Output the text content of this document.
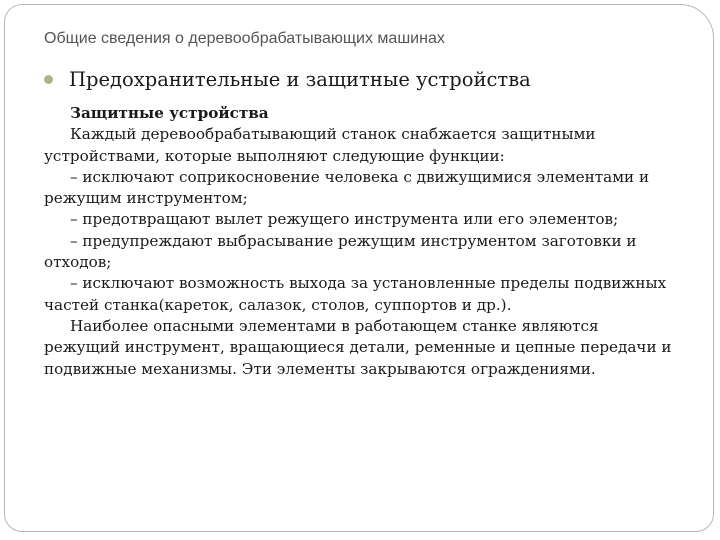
Общие сведения о деревообрабатывающих машинах
Предохранительные и защитные устройства

Защитные устройства

Каждый деревообрабатывающий станок снабжается защитными устройствами, которые выполняют следующие функции:

– исключают соприкосновение человека с движущимися элементами и режущим инструментом;

– предотвращают вылет режущего инструмента или его элементов;

– предупреждают выбрасывание режущим инструментом заготовки и отходов;

– исключают возможность выхода за установленные пределы подвижных частей станка(кареток, салазок, столов, суппортов и др.).

Наиболее опасными элементами в работающем станке являются режущий инструмент, вращающиеся детали, ременные и цепные передачи и подвижные механизмы. Эти элементы закрываются ограждениями.
